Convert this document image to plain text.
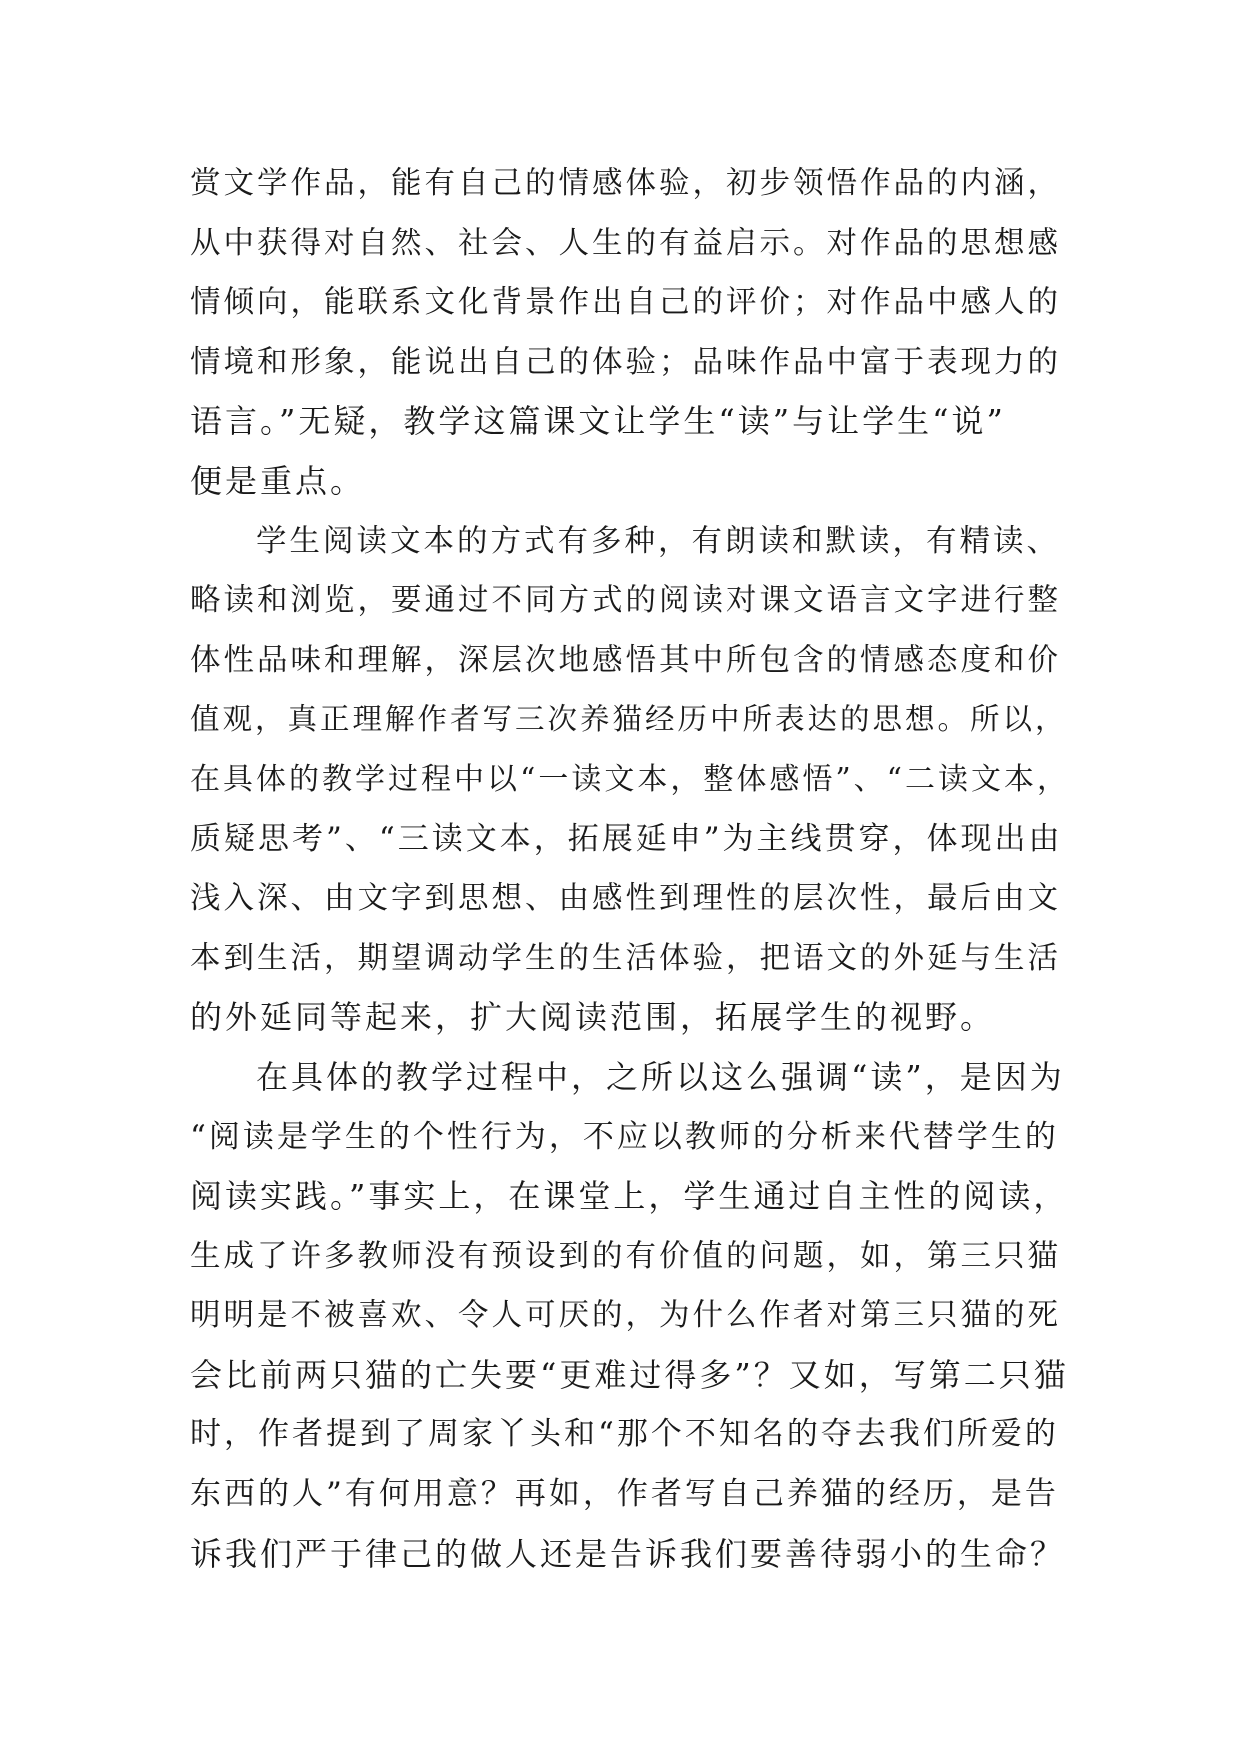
赏文学作品，能有自己的情感体验，初步领悟作品的内涵，
从中获得对自然、社会、人生的有益启示。对作品的思想感
情倾向，能联系文化背景作出自己的评价；对作品中感人的
情境和形象，能说出自己的体验；品味作品中富于表现力的
语言。”无疑，教学这篇课文让学生“读”与让学生“说”
便是重点。
学生阅读文本的方式有多种，有朗读和默读，有精读、
略读和浏览，要通过不同方式的阅读对课文语言文字进行整
体性品味和理解，深层次地感悟其中所包含的情感态度和价
值观，真正理解作者写三次养猫经历中所表达的思想。所以，
在具体的教学过程中以“一读文本，整体感悟”、“二读文本，
质疑思考”、“三读文本，拓展延申”为主线贯穿，体现出由
浅入深、由文字到思想、由感性到理性的层次性，最后由文
本到生活，期望调动学生的生活体验，把语文的外延与生活
的外延同等起来，扩大阅读范围，拓展学生的视野。
在具体的教学过程中，之所以这么强调“读”，是因为
“阅读是学生的个性行为，不应以教师的分析来代替学生的
阅读实践。”事实上，在课堂上，学生通过自主性的阅读，
生成了许多教师没有预设到的有价值的问题，如，第三只猫
明明是不被喜欢、令人可厌的，为什么作者对第三只猫的死
会比前两只猫的亡失要“更难过得多”？又如，写第二只猫
时，作者提到了周家丫头和“那个不知名的夺去我们所爱的
东西的人”有何用意？再如，作者写自己养猫的经历，是告
诉我们严于律己的做人还是告诉我们要善待弱小的生命？
